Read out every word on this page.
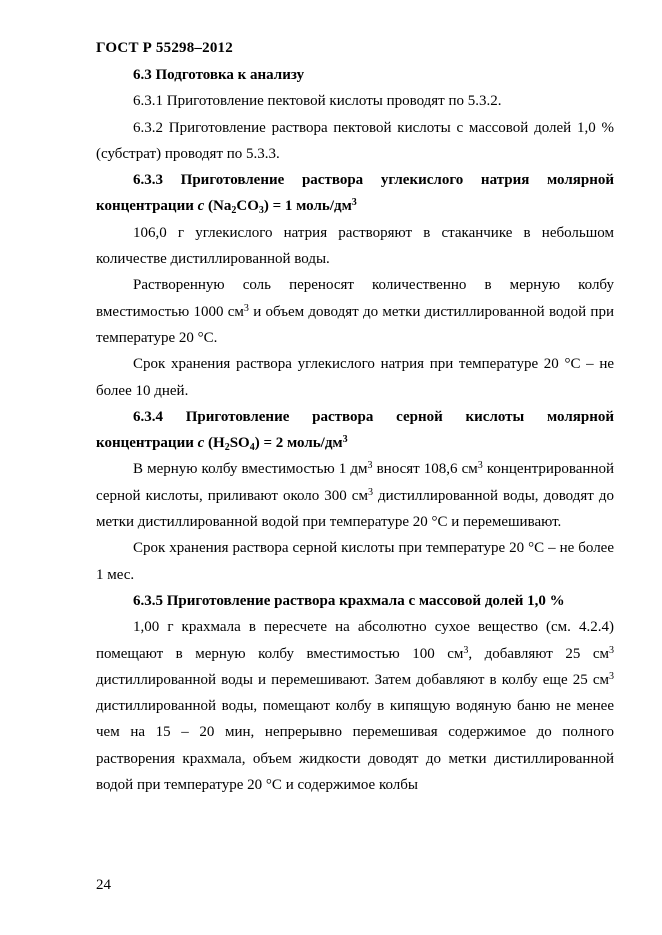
ГОСТ Р 55298–2012

6.3 Подготовка к анализу

6.3.1 Приготовление пектовой кислоты проводят по 5.3.2.

6.3.2 Приготовление раствора пектовой кислоты с массовой долей 1,0 % (субстрат) проводят по 5.3.3.

6.3.3 Приготовление раствора углекислого натрия молярной концентрации c $(Na_2CO_3) = 1$ моль/$дм^3$

106,0 г углекислого натрия растворяют в стаканчике в небольшом количестве дистиллированной воды.

Растворенную соль переносят количественно в мерную колбу вместимостью 1000 $см^3$ и объем доводят до метки дистиллированной водой при температуре 20 °С.

Срок хранения раствора углекислого натрия при температуре 20 °С – не более 10 дней.

6.3.4 Приготовление раствора серной кислоты молярной концентрации c $(H_2SO_4) = 2$ моль/$дм^3$

В мерную колбу вместимостью 1 $дм^3$ вносят 108,6 $см^3$ концентрированной серной кислоты, приливают около 300 $см^3$ дистиллированной воды, доводят до метки дистиллированной водой при температуре 20 °С и перемешивают.

Срок хранения раствора серной кислоты при температуре 20 °С – не более 1 мес.

6.3.5 Приготовление раствора крахмала с массовой долей 1,0 %

1,00 г крахмала в пересчете на абсолютно сухое вещество (см. 4.2.4) помещают в мерную колбу вместимостью 100 $см^3$, добавляют 25 $см^3$ дистиллированной воды и перемешивают. Затем добавляют в колбу еще 25 $см^3$ дистиллированной воды, помещают колбу в кипящую водяную баню не менее чем на 15 – 20 мин, непрерывно перемешивая содержимое до полного растворения крахмала, объем жидкости доводят до метки дистиллированной водой при температуре 20 °С и содержимое колбы

24
